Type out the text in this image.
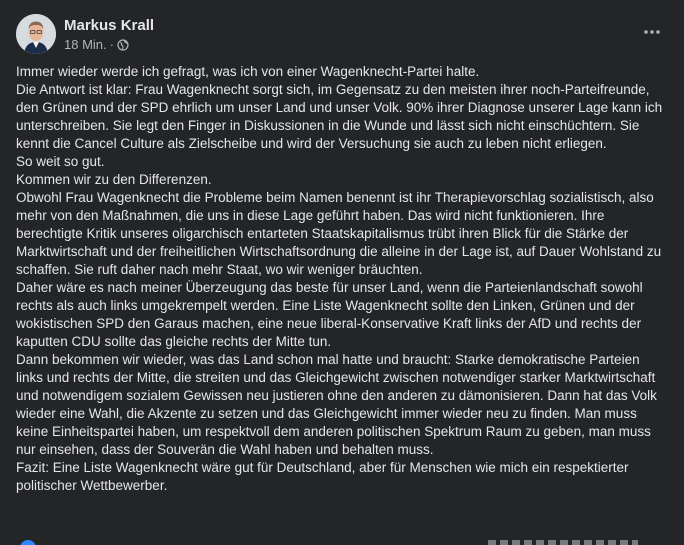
Markus Krall
18 Min. ·

Immer wieder werde ich gefragt, was ich von einer Wagenknecht-Partei halte.

Die Antwort ist klar: Frau Wagenknecht sorgt sich, im Gegensatz zu den meisten ihrer noch-Parteifreunde, den Grünen und der SPD ehrlich um unser Land und unser Volk. 90% ihrer Diagnose unserer Lage kann ich unterschreiben. Sie legt den Finger in Diskussionen in die Wunde und lässt sich nicht einschüchtern. Sie kennt die Cancel Culture als Zielscheibe und wird der Versuchung sie auch zu leben nicht erliegen.

So weit so gut.

Kommen wir zu den Differenzen.

Obwohl Frau Wagenknecht die Probleme beim Namen benennt ist ihr Therapievorschlag sozialistisch, also mehr von den Maßnahmen, die uns in diese Lage geführt haben. Das wird nicht funktionieren. Ihre berechtigte Kritik unseres oligarchisch entarteten Staatskapitalismus trübt ihren Blick für die Stärke der Marktwirtschaft und der freiheitlichen Wirtschaftsordnung die alleine in der Lage ist, auf Dauer Wohlstand zu schaffen. Sie ruft daher nach mehr Staat, wo wir weniger bräuchten.

Daher wäre es nach meiner Überzeugung das beste für unser Land, wenn die Parteienlandschaft sowohl rechts als auch links umgekrempelt werden. Eine Liste Wagenknecht sollte den Linken, Grünen und der wokistischen SPD den Garaus machen, eine neue liberal-Konservative Kraft links der AfD und rechts der kaputten CDU sollte das gleiche rechts der Mitte tun.

Dann bekommen wir wieder, was das Land schon mal hatte und braucht: Starke demokratische Parteien links und rechts der Mitte, die streiten und das Gleichgewicht zwischen notwendiger starker Marktwirtschaft und notwendigem sozialem Gewissen neu justieren ohne den anderen zu dämonisieren. Dann hat das Volk wieder eine Wahl, die Akzente zu setzen und das Gleichgewicht immer wieder neu zu finden. Man muss keine Einheitspartei haben, um respektvoll dem anderen politischen Spektrum Raum zu geben, man muss nur einsehen, dass der Souverän die Wahl haben und behalten muss.

Fazit: Eine Liste Wagenknecht wäre gut für Deutschland, aber für Menschen wie mich ein respektierter politischer Wettbewerber.
